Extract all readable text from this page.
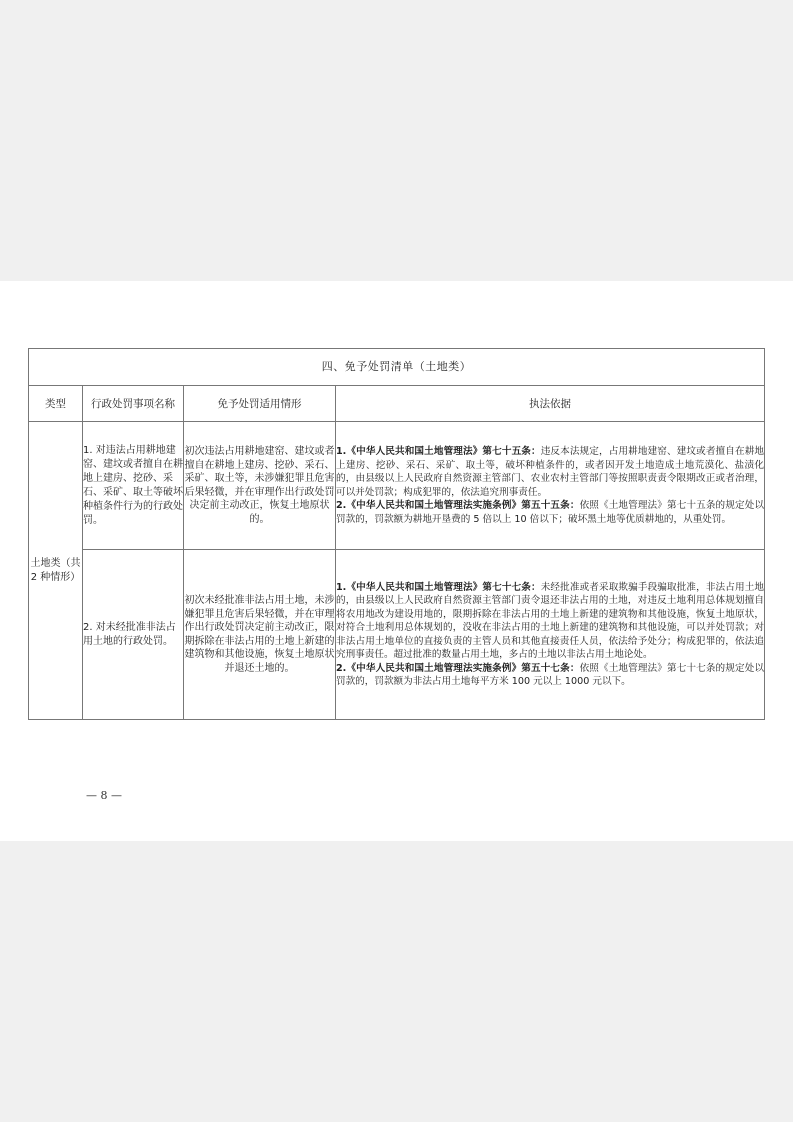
四、免予处罚清单（土地类）			
类型	行政处罚事项名称	免予处罚适用情形	执法依据
土地类（共 2 种情形）	1. 对违法占用耕地建窑、建坟或者擅自在耕地上建房、挖砂、采石、采矿、取土等破坏种植条件行为的行政处罚。	初次违法占用耕地建窑、建坟或者擅自在耕地上建房、挖砂、采石、采矿、取土等，未涉嫌犯罪且危害后果轻微，并在审理作出行政处罚决定前主动改正，恢复土地原状的。	1.《中华人民共和国土地管理法》第七十五条：违反本法规定，占用耕地建窑、建坟或者擅自在耕地上建房、挖砂、采石、采矿、取土等，破坏种植条件的，或者因开发土地造成土地荒漠化、盐渍化的，由县级以上人民政府自然资源主管部门、农业农村主管部门等按照职责责令限期改正或者治理，可以并处罚款；构成犯罪的，依法追究刑事责任。

2.《中华人民共和国土地管理法实施条例》第五十五条：依照《土地管理法》第七十五条的规定处以罚款的，罚款额为耕地开垦费的 5 倍以上 10 倍以下；破坏黑土地等优质耕地的，从重处罚。

	2. 对未经批准非法占用土地的行政处罚。	初次未经批准非法占用土地，未涉嫌犯罪且危害后果轻微，并在审理作出行政处罚决定前主动改正，限期拆除在非法占用的土地上新建的建筑物和其他设施，恢复土地原状并退还土地的。	1.《中华人民共和国土地管理法》第七十七条：未经批准或者采取欺骗手段骗取批准，非法占用土地的，由县级以上人民政府自然资源主管部门责令退还非法占用的土地，对违反土地利用总体规划擅自将农用地改为建设用地的，限期拆除在非法占用的土地上新建的建筑物和其他设施，恢复土地原状，对符合土地利用总体规划的，没收在非法占用的土地上新建的建筑物和其他设施，可以并处罚款；对非法占用土地单位的直接负责的主管人员和其他直接责任人员，依法给予处分；构成犯罪的，依法追究刑事责任。超过批准的数量占用土地，多占的土地以非法占用土地论处。

2.《中华人民共和国土地管理法实施条例》第五十七条：依照《土地管理法》第七十七条的规定处以罚款的，罚款额为非法占用土地每平方米 100 元以上 1000 元以下。

— 8 —
